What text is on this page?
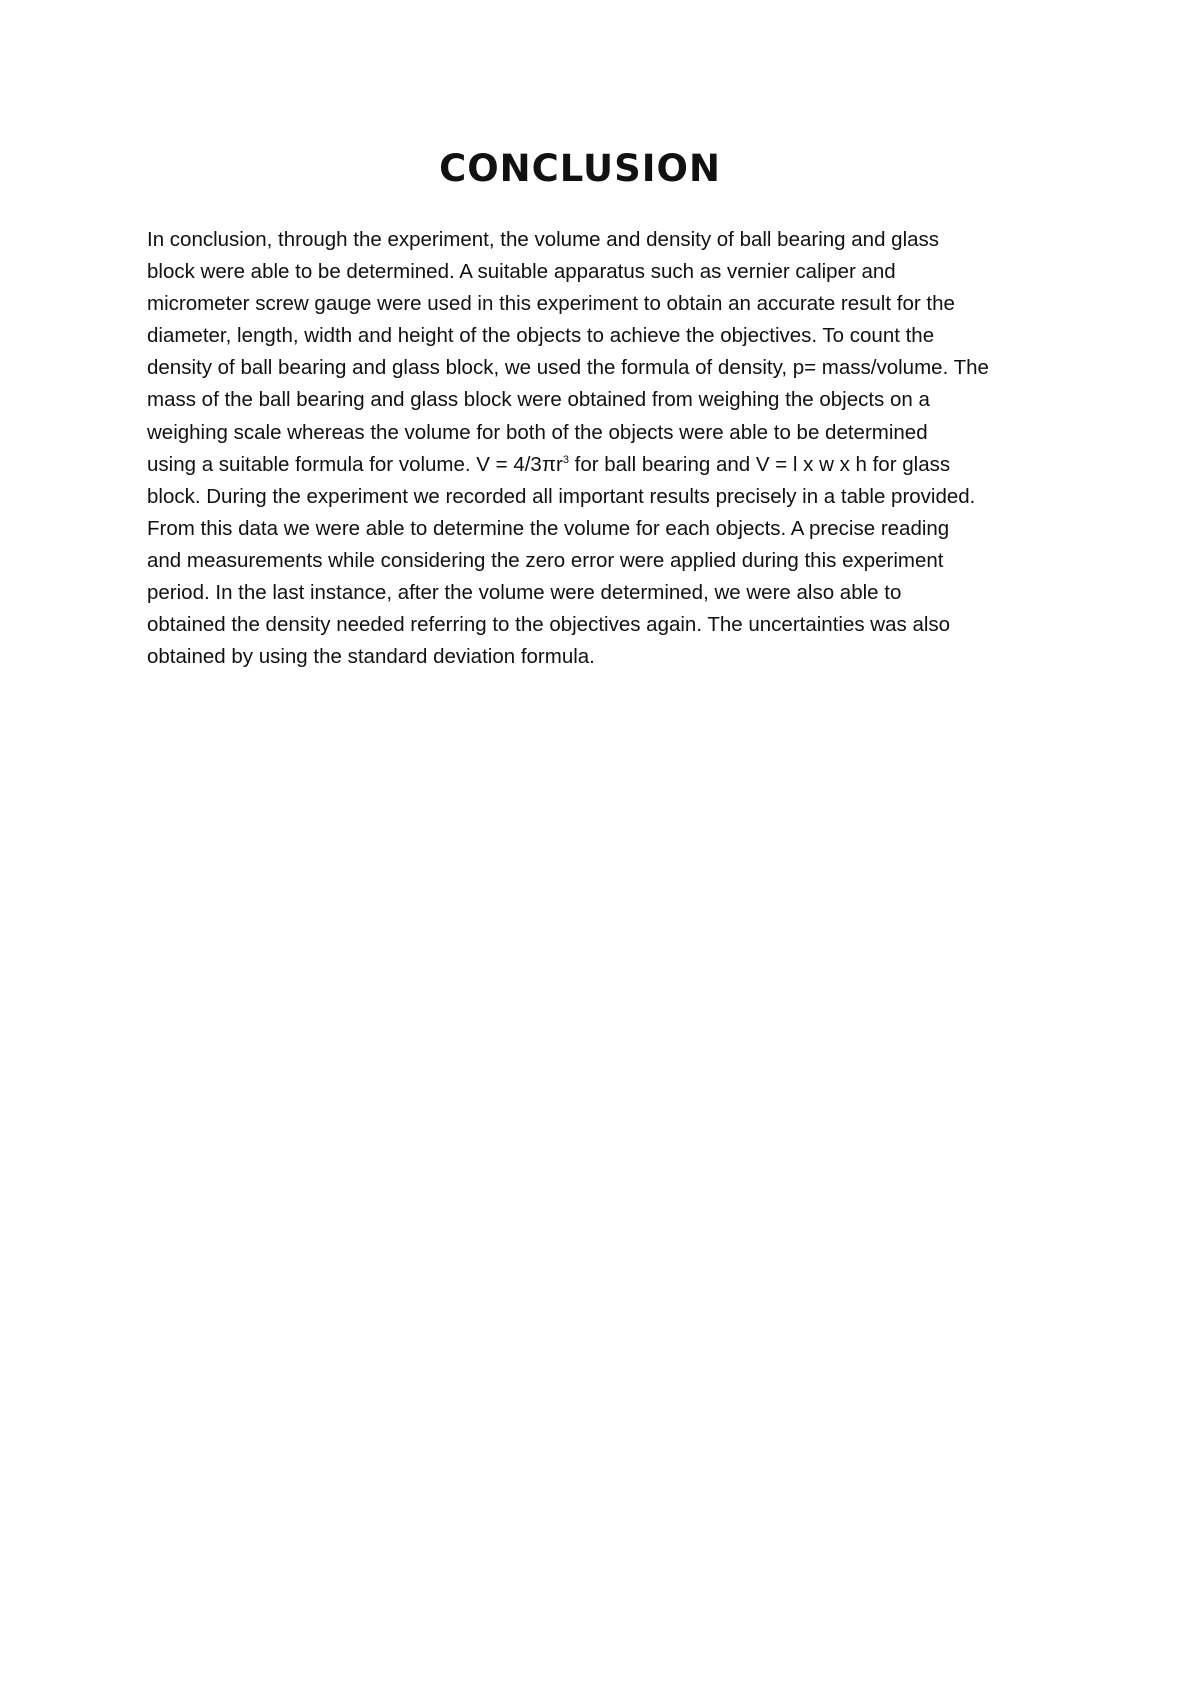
CONCLUSION
In conclusion, through the experiment, the volume and density of ball bearing and glass
block were able to be determined. A suitable apparatus such as vernier caliper and
micrometer screw gauge were used in this experiment to obtain an accurate result for the
diameter, length, width and height of the objects to achieve the objectives. To count the
density of ball bearing and glass block, we used the formula of density, p= mass/volume. The
mass of the ball bearing and glass block were obtained from weighing the objects on a
weighing scale whereas the volume for both of the objects were able to be determined
using a suitable formula for volume. $V = 4/3\pi r^3$ for ball bearing and V = l x w x h for glass
block. During the experiment we recorded all important results precisely in a table provided.
From this data we were able to determine the volume for each objects. A precise reading
and measurements while considering the zero error were applied during this experiment
period. In the last instance, after the volume were determined, we were also able to
obtained the density needed referring to the objectives again. The uncertainties was also
obtained by using the standard deviation formula.
